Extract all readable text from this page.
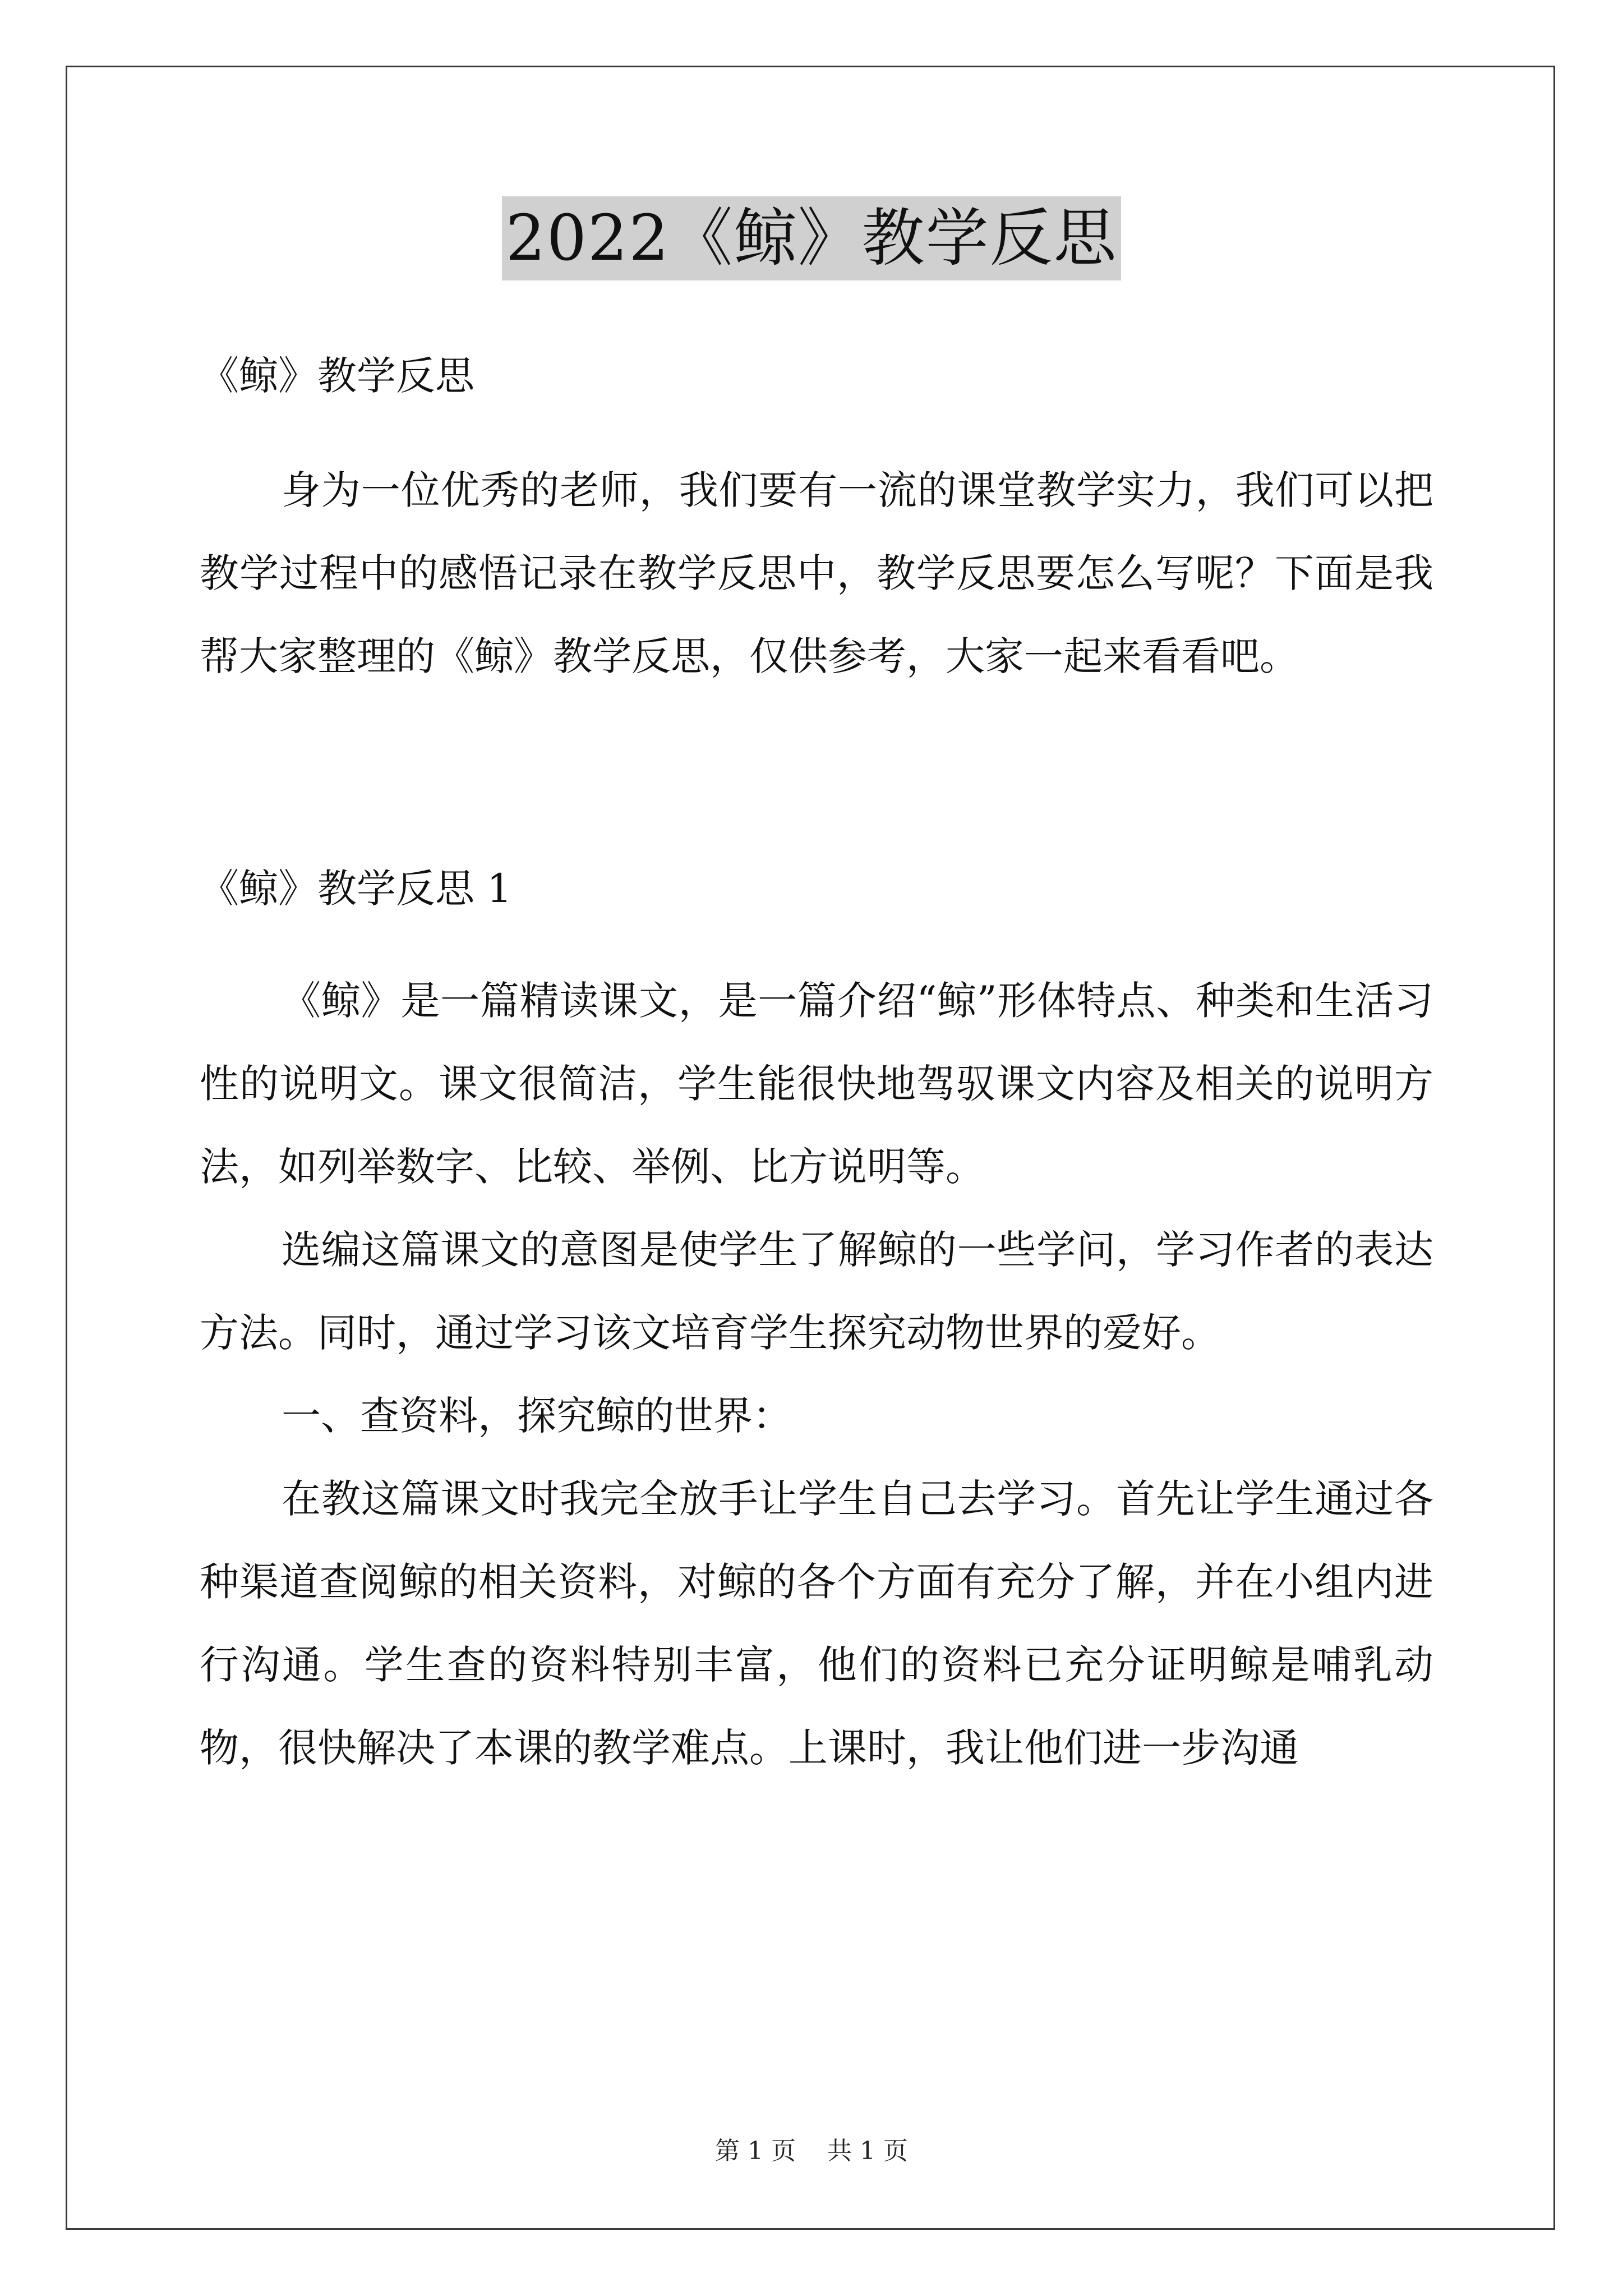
2022《鲸》教学反思

《鲸》教学反思

身为一位优秀的老师，我们要有一流的课堂教学实力，我们可以把教学过程中的感悟记录在教学反思中，教学反思要怎么写呢？下面是我帮大家整理的《鲸》教学反思，仅供参考，大家一起来看看吧。

《鲸》教学反思 1

《鲸》是一篇精读课文，是一篇介绍“鲸”形体特点、种类和生活习性的说明文。课文很简洁，学生能很快地驾驭课文内容及相关的说明方法，如列举数字、比较、举例、比方说明等。

选编这篇课文的意图是使学生了解鲸的一些学问，学习作者的表达方法。同时，通过学习该文培育学生探究动物世界的爱好。

一、查资料，探究鲸的世界：

在教这篇课文时我完全放手让学生自己去学习。首先让学生通过各种渠道查阅鲸的相关资料，对鲸的各个方面有充分了解，并在小组内进行沟通。学生查的资料特别丰富，他们的资料已充分证明鲸是哺乳动物，很快解决了本课的教学难点。上课时，我让他们进一步沟通

第 1 页    共 1 页
